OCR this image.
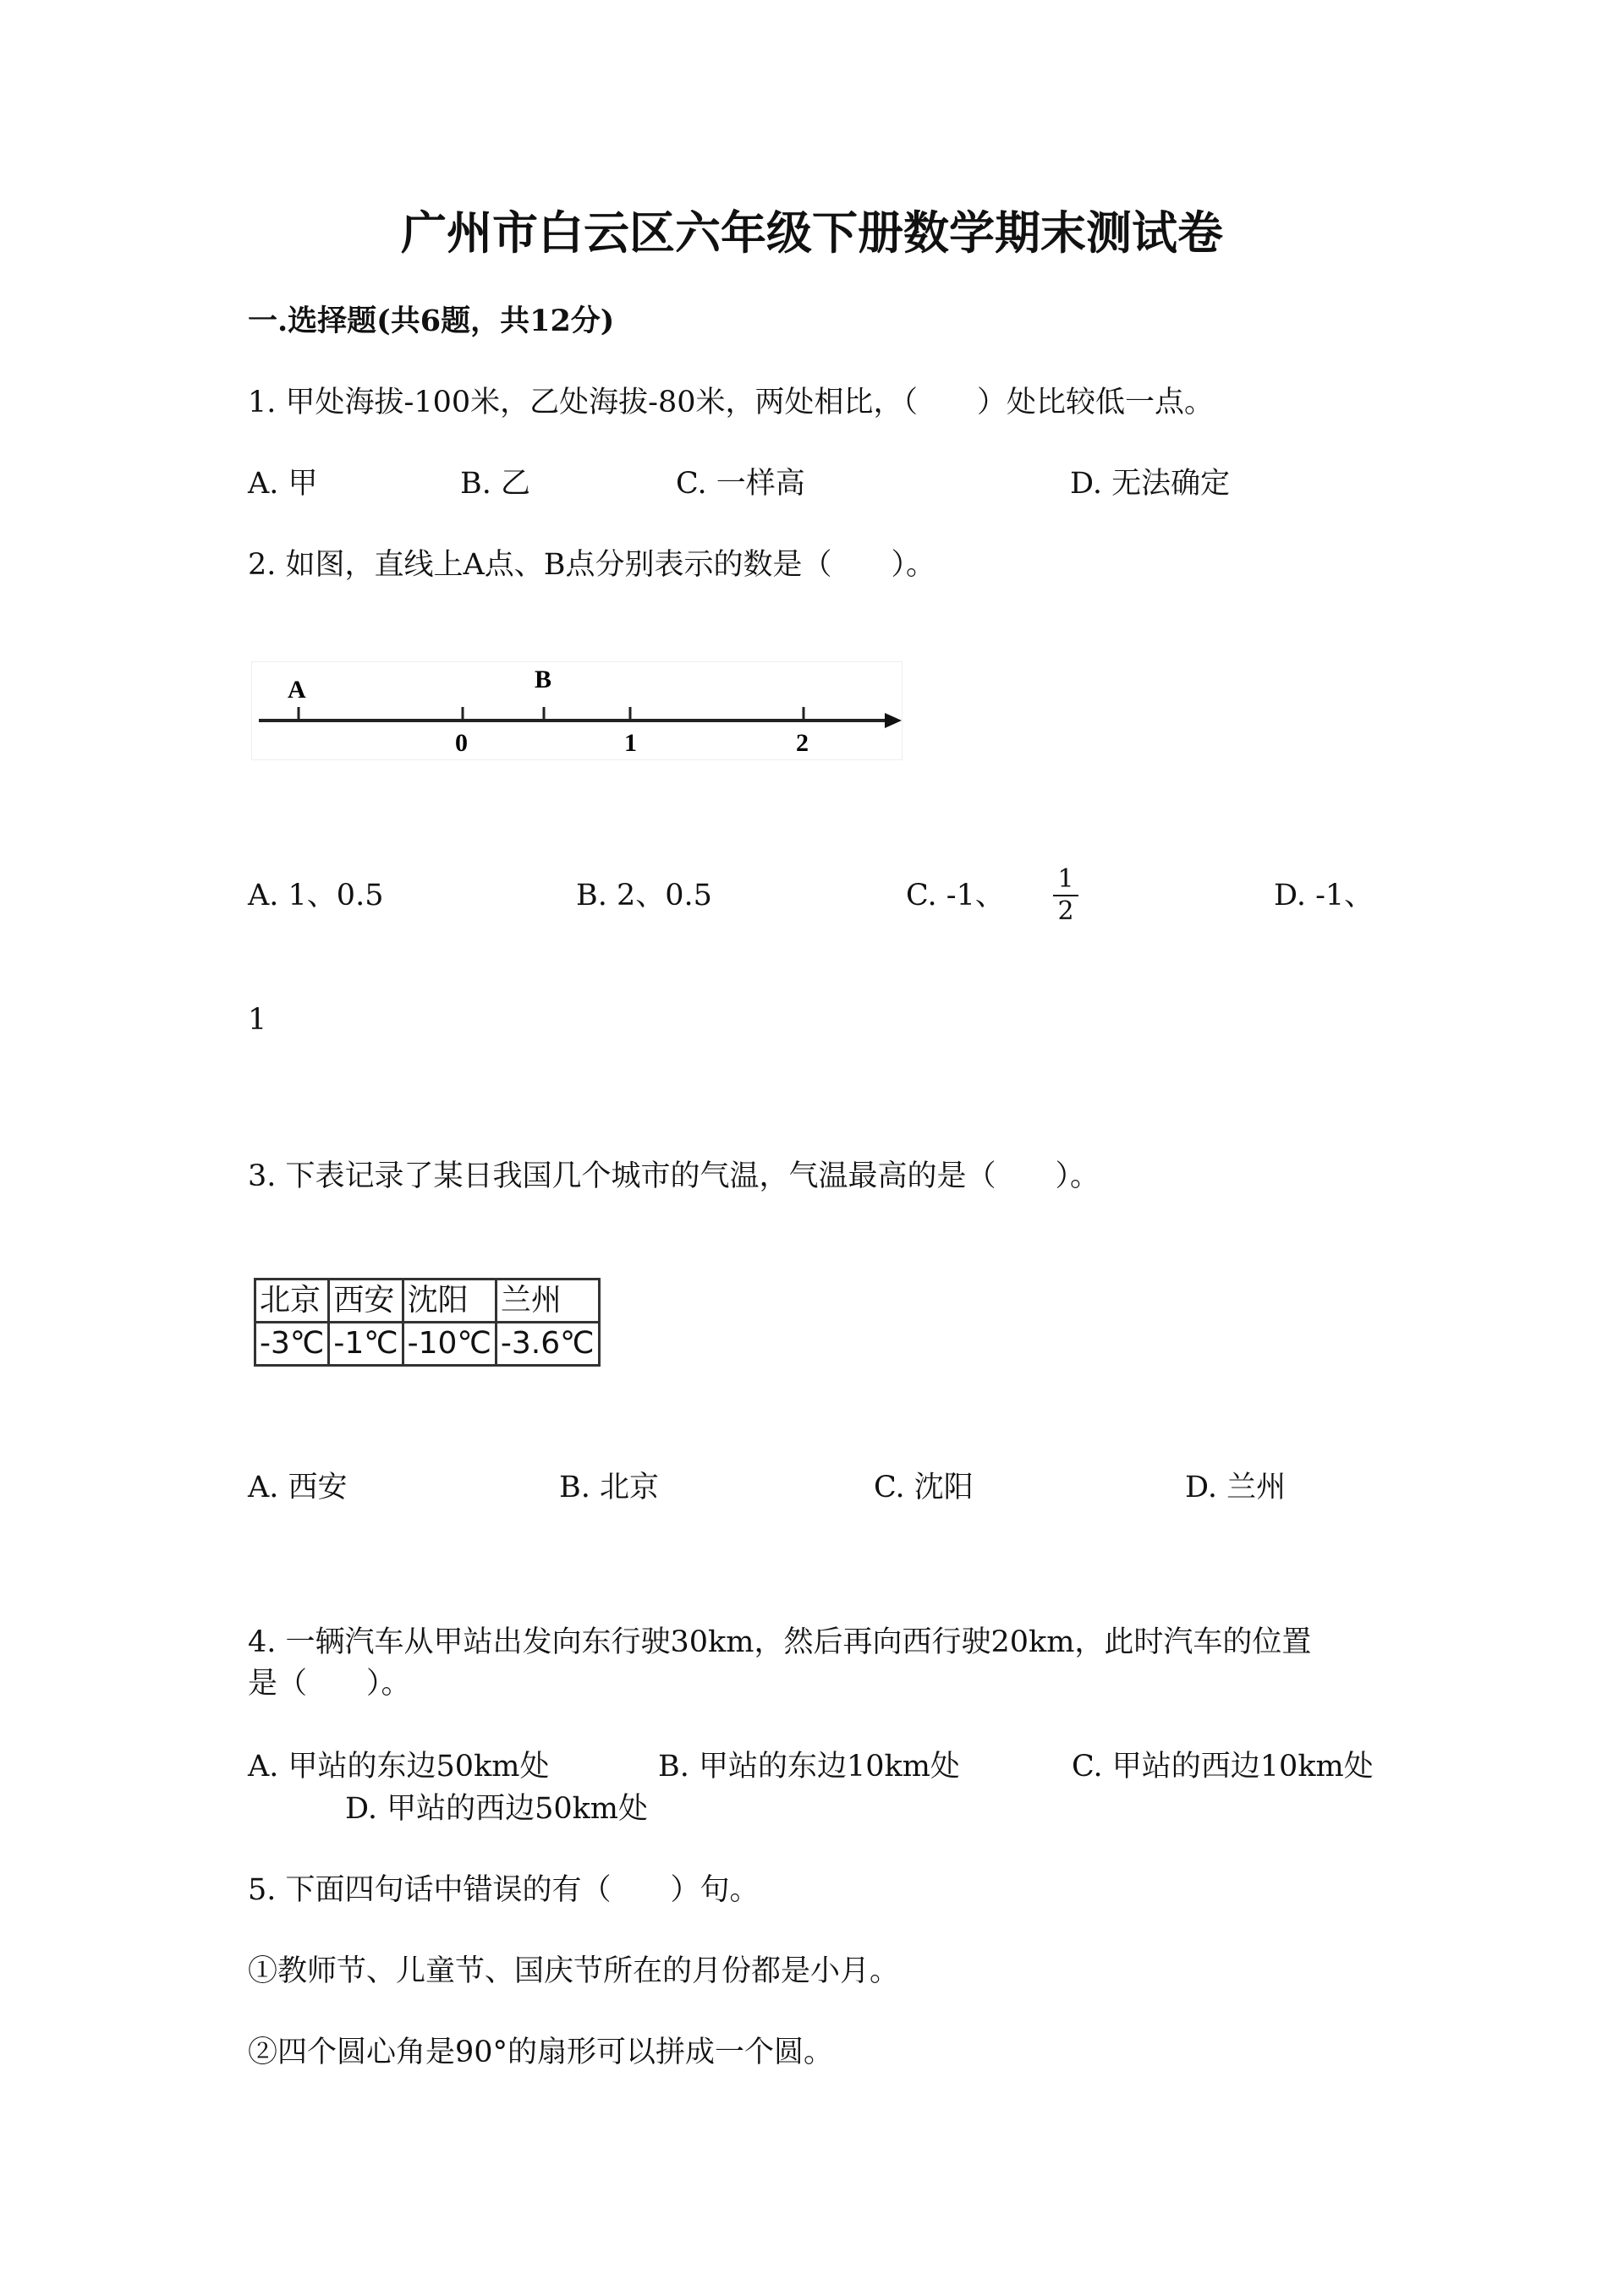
广州市白云区六年级下册数学期末测试卷
一.选择题(共6题，共12分)
1. 甲处海拔-100米，乙处海拔-80米，两处相比，（　　）处比较低一点。
A. 甲	B. 乙	C. 一样高	D. 无法确定
2. 如图，直线上A点、B点分别表示的数是（　　）。
A	B
0	1	2
A. 1、0.5	B. 2、0.5	C. -1、 $\frac{1}{2}$	D. -1、
1
3. 下表记录了某日我国几个城市的气温，气温最高的是（　　）。
北京	西安	沈阳	兰州
-3℃	-1℃	-10℃	-3.6℃
A. 西安	B. 北京	C. 沈阳	D. 兰州
4. 一辆汽车从甲站出发向东行驶30km，然后再向西行驶20km，此时汽车的位置
是（　　）。
A. 甲站的东边50km处	B. 甲站的东边10km处	C. 甲站的西边10km处
D. 甲站的西边50km处
5. 下面四句话中错误的有（　　）句。
①教师节、儿童节、国庆节所在的月份都是小月。
②四个圆心角是90°的扇形可以拼成一个圆。
